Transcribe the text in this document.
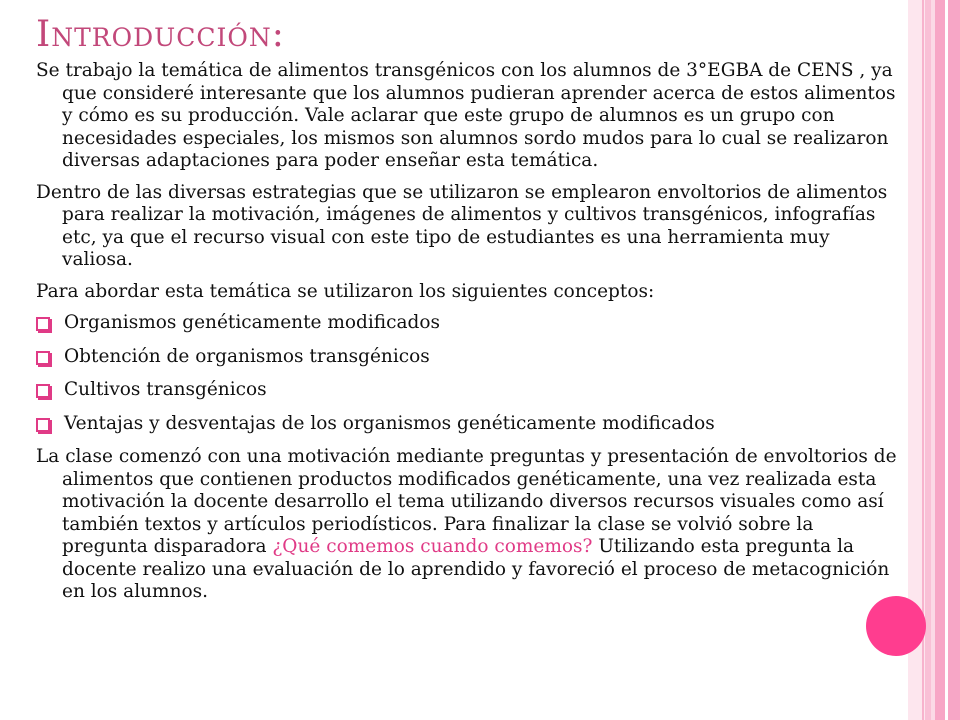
Introducción:

Se trabajo la temática de alimentos transgénicos con los alumnos de 3°EGBA de CENS , ya que consideré interesante que los alumnos pudieran aprender acerca de estos alimentos y cómo es su producción. Vale aclarar que este grupo de alumnos es un grupo con necesidades especiales, los mismos son alumnos sordo mudos para lo cual se realizaron diversas adaptaciones para poder enseñar esta temática.

Dentro de las diversas estrategias que se utilizaron se emplearon envoltorios de alimentos para realizar la motivación, imágenes de alimentos y cultivos transgénicos, infografías etc, ya que el recurso visual con este tipo de estudiantes es una herramienta muy valiosa.

Para abordar esta temática se utilizaron los siguientes conceptos:

Organismos genéticamente modificados
Obtención de organismos transgénicos
Cultivos transgénicos
Ventajas y desventajas de los organismos genéticamente modificados

La clase comenzó con una motivación mediante preguntas y presentación de envoltorios de alimentos que contienen productos modificados genéticamente, una vez realizada esta motivación la docente desarrollo el tema utilizando diversos recursos visuales como así también textos y artículos periodísticos. Para finalizar la clase se volvió sobre la pregunta disparadora ¿Qué comemos cuando comemos? Utilizando esta pregunta la docente realizo una evaluación de lo aprendido y favoreció el proceso de metacognición en los alumnos.
